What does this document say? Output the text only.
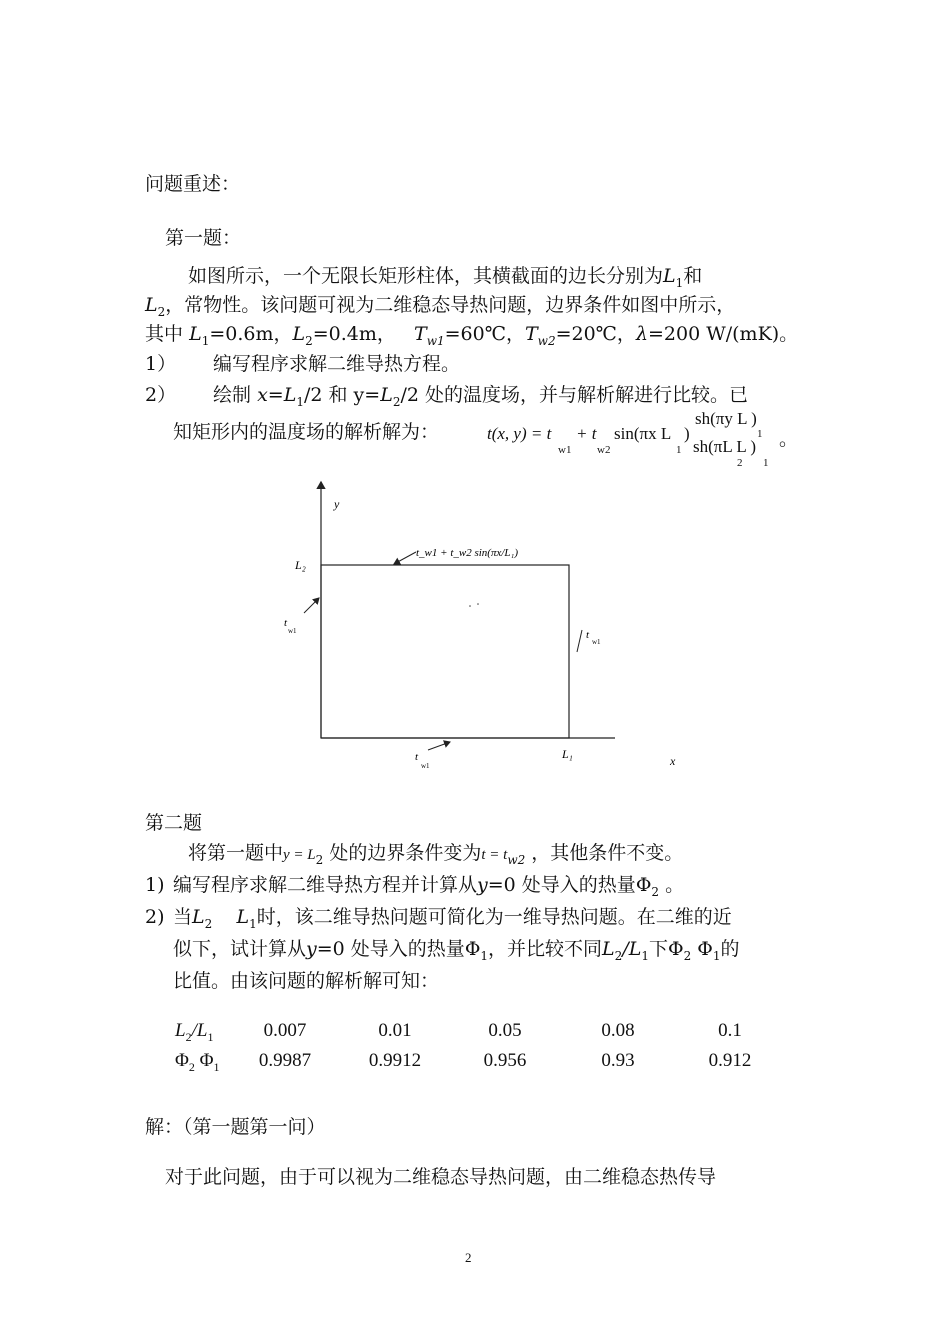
问题重述：
第一题：
如图所示，一个无限长矩形柱体，其横截面的边长分别为$L_1$和
$L_2$，常物性。该问题可视为二维稳态导热问题，边界条件如图中所示，
其中 $L_1=0.6m$，$L_2=0.4m$， $T_{w1}=60℃$，$T_{w2}=20℃$，λ=200 W/(mK)。
1） 编写程序求解二维导热方程。
2） 绘制 $x=L_1/2$ 和 $y=L_2/2$ 处的温度场，并与解析解进行比较。已
知矩形内的温度场的解析解为：	t(x, y) = t
w1
+ t
w2
sin(πx L
1
)
sh(πy L )
1
sh(πL L )
2 1
。
y
x
L₂
L₁
t_w1 + t_w2 sin(πx/L₁)
t
w1	t
w1
t
w1
第二题
将第一题中$y = L_2$ 处的边界条件变为$t = t_{w2}$ ，其他条件不变。
1) 编写程序求解二维导热方程并计算从y=0 处导入的热量$\Phi_2$ 。
2) 当$L_2$ $L_1$时，该二维导热问题可简化为一维导热问题。在二维的近
似下，试计算从y=0 处导入的热量$\Phi_1$，并比较不同$L_2/L_1$下$\Phi_2$ $\Phi_1$的
比值。由该问题的解析解可知：
$L_2/L_1$	0.007	0.01	0.05	0.08	0.1
$\Phi_2$ $\Phi_1$	0.9987	0.9912	0.956	0.93	0.912
解：（第一题第一问）
对于此问题，由于可以视为二维稳态导热问题，由二维稳态热传导
2
